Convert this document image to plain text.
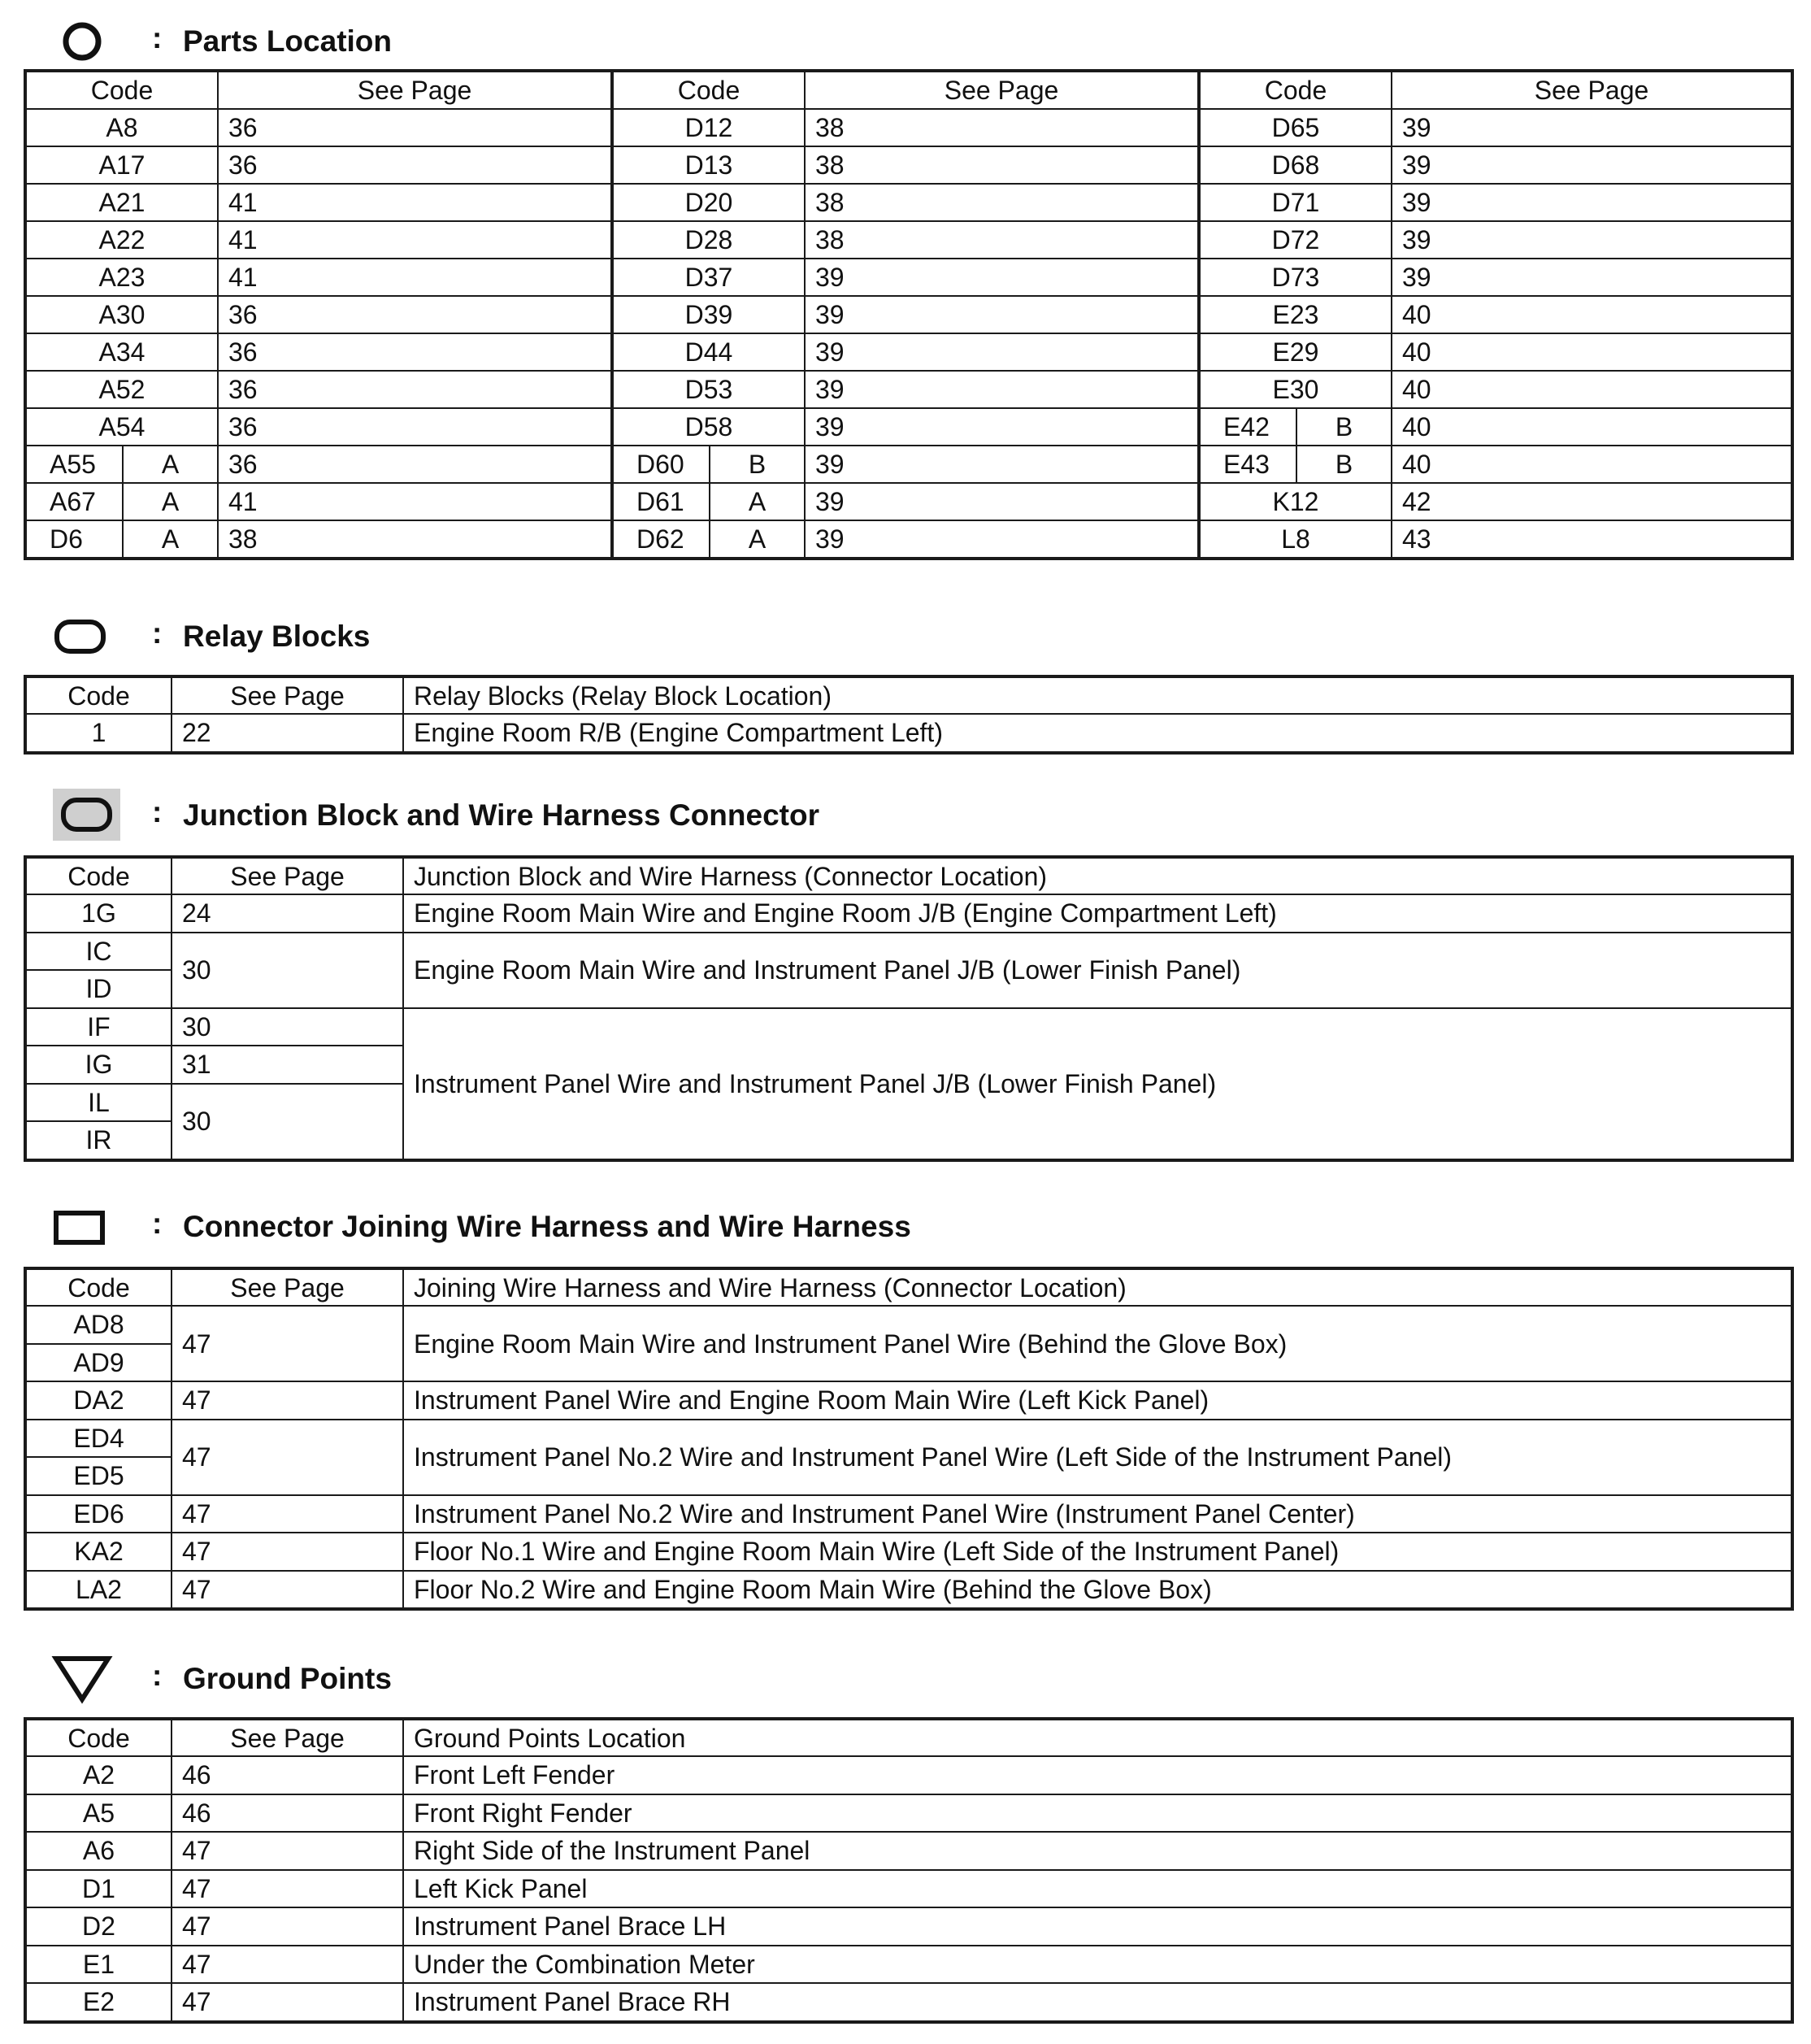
: Parts Location
Code		See Page	Code		See Page	Code		See Page
A8		36	D12		38	D65		39
A17		36	D13		38	D68		39
A21		41	D20		38	D71		39
A22		41	D28		38	D72		39
A23		41	D37		39	D73		39
A30		36	D39		39	E23		40
A34		36	D44		39	E29		40
A52		36	D53		39	E30		40
A54		36	D58		39	E42	B	40
A55	A	36	D60	B	39	E43	B	40
A67	A	41	D61	A	39	K12		42
D6	A	38	D62	A	39	L8		43
: Relay Blocks
Code	See Page	Relay Blocks (Relay Block Location)
1	22	Engine Room R/B (Engine Compartment Left)
: Junction Block and Wire Harness Connector
Code	See Page	Junction Block and Wire Harness (Connector Location)
1G	24	Engine Room Main Wire and Engine Room J/B (Engine Compartment Left)
IC	30	Engine Room Main Wire and Instrument Panel J/B (Lower Finish Panel)
ID		
IF	30	Instrument Panel Wire and Instrument Panel J/B (Lower Finish Panel)
IG	31	
IL	30	
IR		
: Connector Joining Wire Harness and Wire Harness
Code	See Page	Joining Wire Harness and Wire Harness (Connector Location)
AD8	47	Engine Room Main Wire and Instrument Panel Wire (Behind the Glove Box)
AD9		
DA2	47	Instrument Panel Wire and Engine Room Main Wire (Left Kick Panel)
ED4	47	Instrument Panel No.2 Wire and Instrument Panel Wire (Left Side of the Instrument Panel)
ED5		
ED6	47	Instrument Panel No.2 Wire and Instrument Panel Wire (Instrument Panel Center)
KA2	47	Floor No.1 Wire and Engine Room Main Wire (Left Side of the Instrument Panel)
LA2	47	Floor No.2 Wire and Engine Room Main Wire (Behind the Glove Box)
: Ground Points
Code	See Page	Ground Points Location
A2	46	Front Left Fender
A5	46	Front Right Fender
A6	47	Right Side of the Instrument Panel
D1	47	Left Kick Panel
D2	47	Instrument Panel Brace LH
E1	47	Under the Combination Meter
E2	47	Instrument Panel Brace RH
